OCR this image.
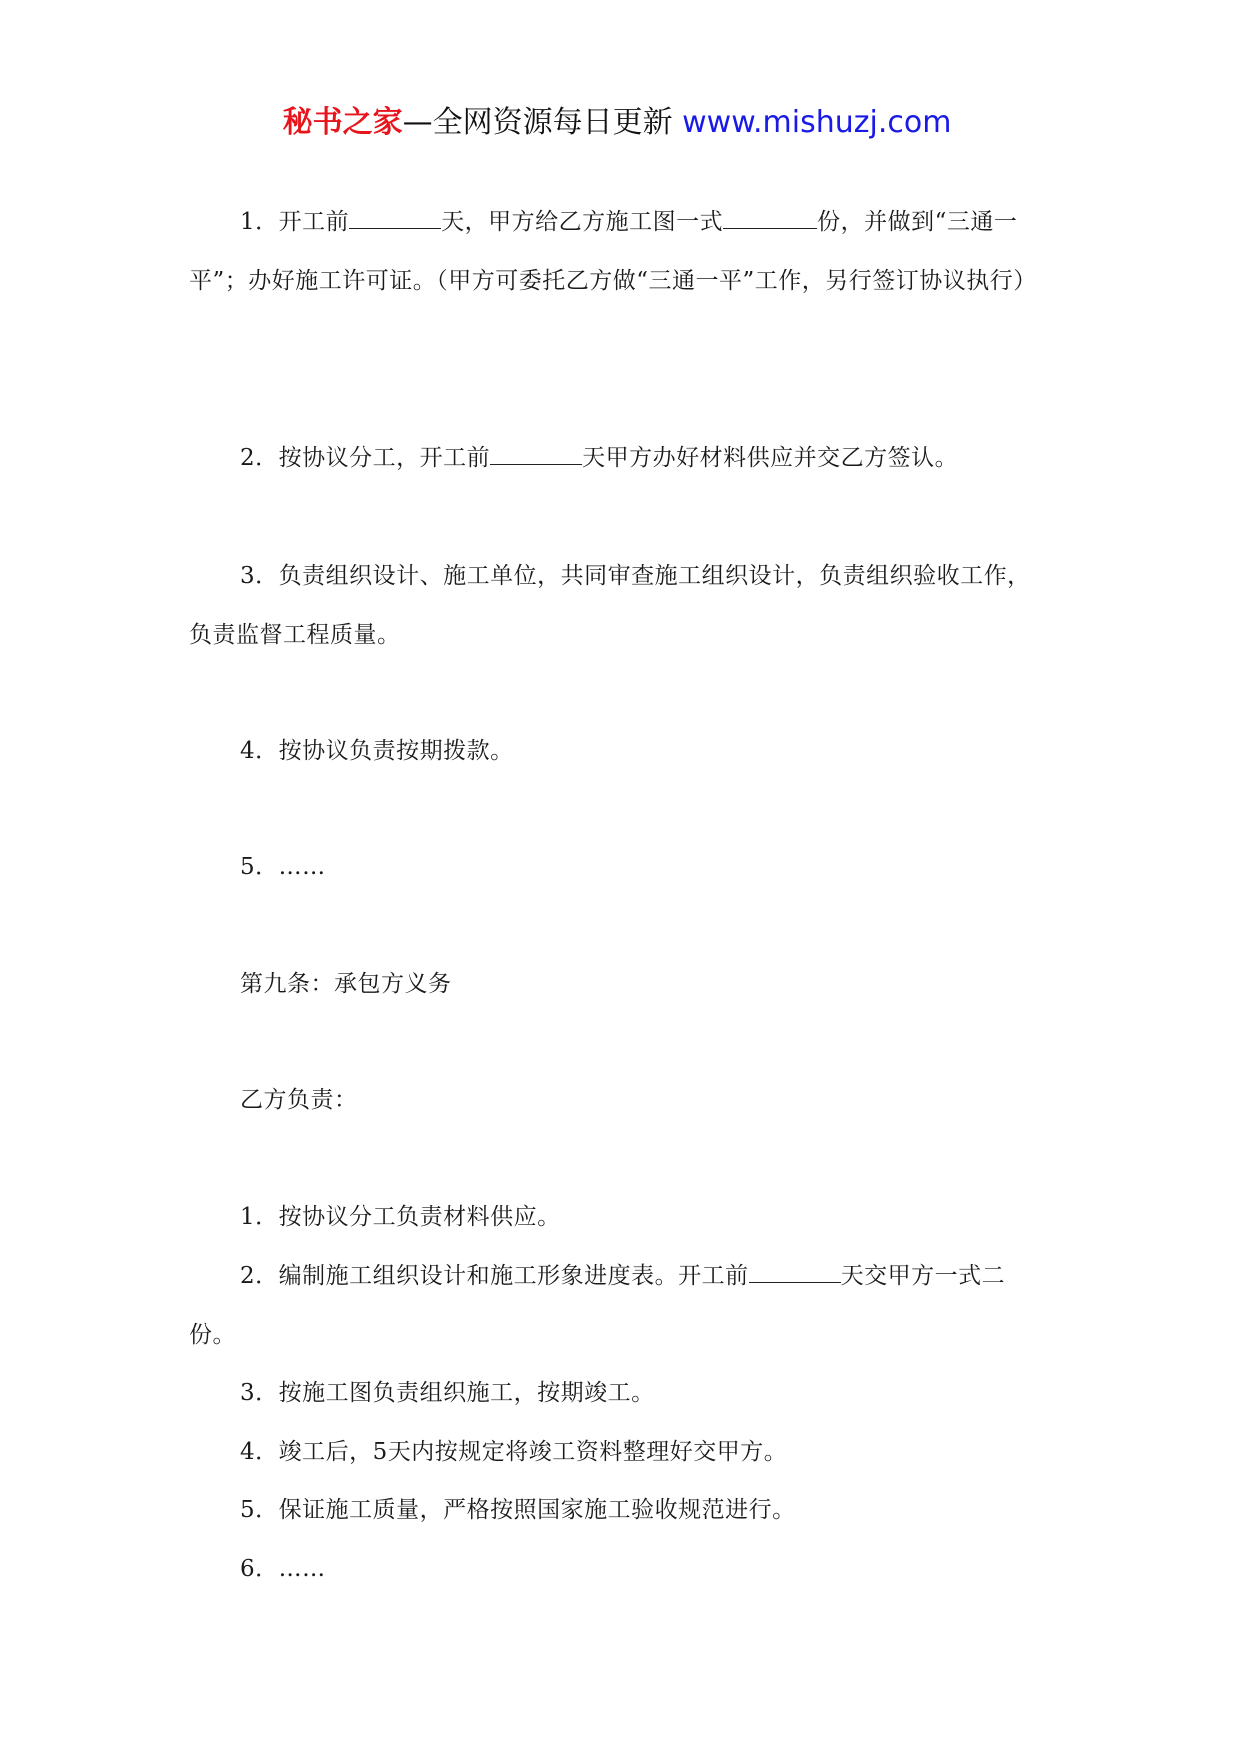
秘书之家—全网资源每日更新 www.mishuzj.com

1．开工前	天，甲方给乙方施工图一式	份，并做到“三通一平”；办好施工许可证。（甲方可委托乙方做“三通一平”工作，另行签订协议执行）

2．按协议分工，开工前	天甲方办好材料供应并交乙方签认。

3．负责组织设计、施工单位，共同审查施工组织设计，负责组织验收工作，负责监督工程质量。

4．按协议负责按期拨款。

5．……

第九条：承包方义务

乙方负责：

1．按协议分工负责材料供应。

2．编制施工组织设计和施工形象进度表。开工前	天交甲方一式二份。

3．按施工图负责组织施工，按期竣工。

4．竣工后，5天内按规定将竣工资料整理好交甲方。

5．保证施工质量，严格按照国家施工验收规范进行。

6．……
